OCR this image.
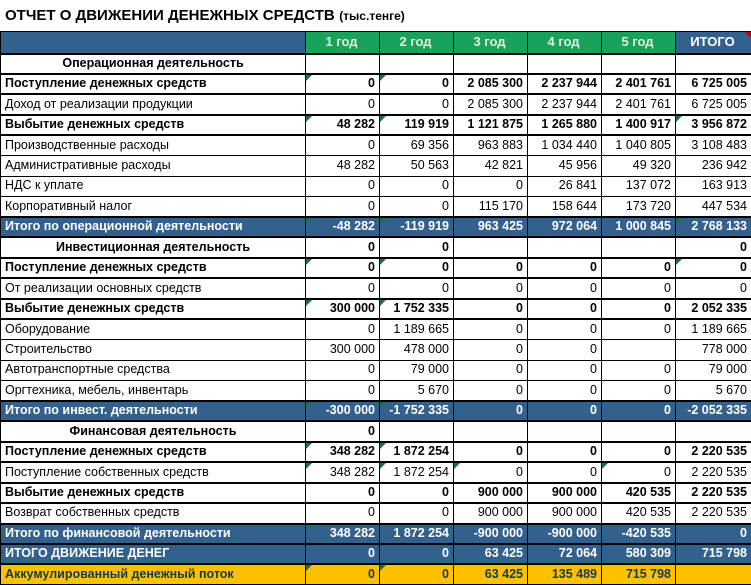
ОТЧЕТ О ДВИЖЕНИИ ДЕНЕЖНЫХ СРЕДСТВ (тыс.тенге)
	1 год	2 год	3 год	4 год	5 год	ИТОГО

Операционная деятельность						
Поступление денежных средств	0	0	2 085 300	2 237 944	2 401 761	6 725 005
Доход от реализации продукции	0	0	2 085 300	2 237 944	2 401 761	6 725 005
Выбытие денежных средств	48 282	119 919	1 121 875	1 265 880	1 400 917	3 956 872

Производственные расходы	0	69 356	963 883	1 034 440	1 040 805	3 108 483
Административные расходы	48 282	50 563	42 821	45 956	49 320	236 942
НДС к уплате	0	0	0	26 841	137 072	163 913
Корпоративный налог	0	0	115 170	158 644	173 720	447 534
Итого по операционной деятельности	-48 282	-119 919	963 425	972 064	1 000 845	2 768 133

Инвестиционная деятельность	0	0				0
Поступление денежных средств	0	0	0	0	0	0

От реализации основных средств	0	0	0	0	0	0
Выбытие денежных средств	300 000	1 752 335	0	0	0	2 052 335
Оборудование	0	1 189 665	0	0	0	1 189 665
Строительство	300 000	478 000	0	0		778 000
Автотранспортные средства	0	79 000	0	0	0	79 000
Оргтехника, мебель, инвентарь	0	5 670	0	0	0	5 670
Итого по инвест. деятельности	-300 000	-1 752 335	0	0	0	-2 052 335
Финансовая деятельность	0					
Поступление денежных средств	348 282	1 872 254	0	0	0	2 220 535
Поступление собственных средств	348 282	1 872 254	0	0	0	2 220 535
Выбытие денежных средств	0	0	900 000	900 000	420 535	2 220 535
Возврат собственных средств	0	0	900 000	900 000	420 535	2 220 535
Итого по финансовой деятельности	348 282	1 872 254	-900 000	-900 000	-420 535	0
ИТОГО ДВИЖЕНИЕ ДЕНЕГ	0	0	63 425	72 064	580 309	715 798
Аккумулированный денежный поток	0	0	63 425	135 489	715 798	
